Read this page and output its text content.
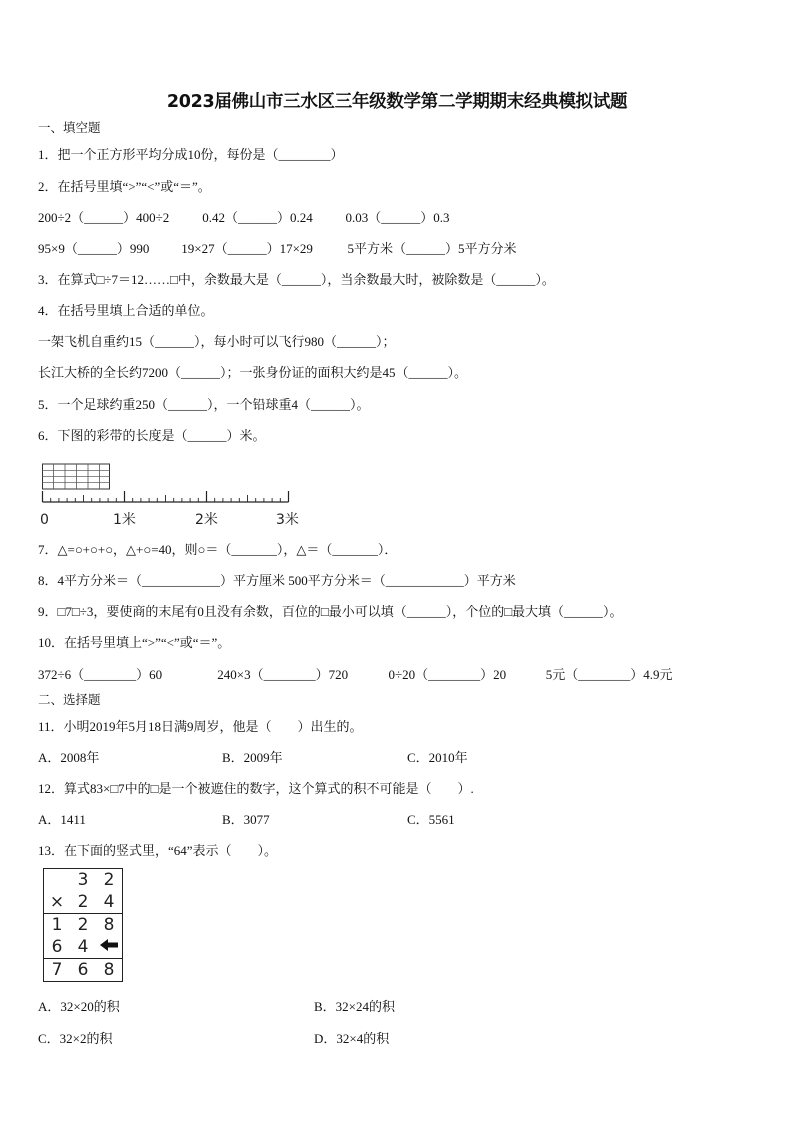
2023届佛山市三水区三年级数学第二学期期末经典模拟试题
一、填空题
1．把一个正方形平均分成10份，每份是（________）
2．在括号里填“>”“<”或“＝”。
200÷2（______）400÷2	0.42（______）0.24	0.03（______）0.3
95×9（______）990 19×27（______）17×29	5平方米（______）5平方分米
3．在算式□÷7＝12……□中，余数最大是（______），当余数最大时，被除数是（______）。
4．在括号里填上合适的单位。
一架飞机自重约15（______），每小时可以飞行980（______）；
长江大桥的全长约7200（______）；一张身份证的面积大约是45（______）。
5．一个足球约重250（______），一个铅球重4（______）。
6．下图的彩带的长度是（______）米。
0	1米	2米	3米
7．△=○+○+○，△+○=40，则○＝（_______），△＝（_______）．
8．4平方分米＝（____________）平方厘米 500平方分米＝（____________）平方米
9．□7□÷3，要使商的末尾有0且没有余数，百位的□最小可以填（______），个位的□最大填（______）。
10．在括号里填上“>”“<”或“＝”。
372÷6（________）60	240×3（________）720	0÷20（________）20	5元（________）4.9元
二、选择题
11．小明2019年5月18日满9周岁，他是（　　）出生的。
A．2008年	B．2009年	C．2010年
12．算式83×□7中的□是一个被遮住的数字，这个算式的积不可能是（　　）.
A．1411	B．3077	C．5561
13．在下面的竖式里，“64”表示（　　）。
	3	2
×	2	4
1	2	8
6	4	
7	6	8
A．32×20的积	B．32×24的积
C．32×2的积	D．32×4的积
